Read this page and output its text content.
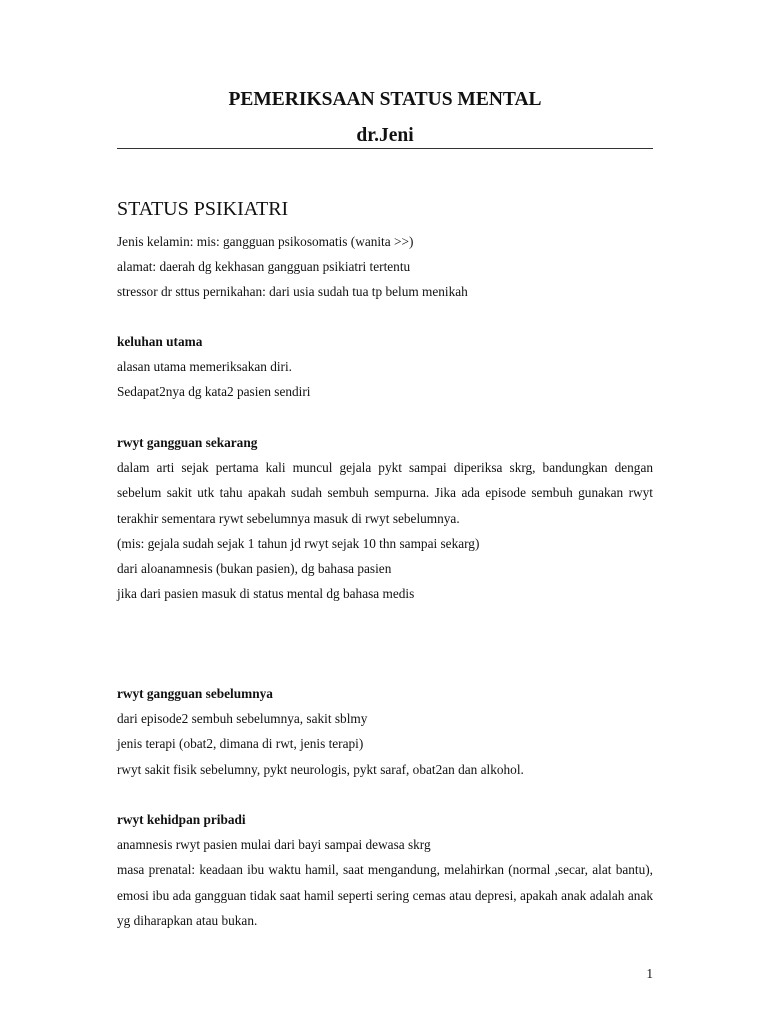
PEMERIKSAAN STATUS MENTAL
dr.Jeni
STATUS PSIKIATRI

Jenis kelamin: mis: gangguan psikosomatis (wanita >>)

alamat: daerah dg kekhasan gangguan psikiatri tertentu

stressor dr sttus pernikahan: dari usia sudah tua tp belum menikah

keluhan utama

alasan utama memeriksakan diri.

Sedapat2nya dg kata2 pasien sendiri

rwyt gangguan sekarang

dalam arti sejak pertama kali muncul gejala pykt sampai diperiksa skrg, bandungkan dengan sebelum sakit utk tahu apakah sudah sembuh sempurna. Jika ada episode sembuh gunakan rwyt terakhir sementara rywt sebelumnya masuk di rwyt sebelumnya.

(mis: gejala sudah sejak 1 tahun jd rwyt sejak 10 thn sampai sekarg)

dari aloanamnesis (bukan pasien), dg bahasa pasien

jika dari pasien masuk di status mental dg bahasa medis

rwyt gangguan sebelumnya

dari episode2 sembuh sebelumnya, sakit sblmy

jenis terapi (obat2, dimana di rwt, jenis terapi)

rwyt sakit fisik sebelumny, pykt neurologis, pykt saraf, obat2an dan alkohol.

rwyt kehidpan pribadi

anamnesis rwyt pasien mulai dari bayi sampai dewasa skrg

masa prenatal: keadaan ibu waktu hamil, saat mengandung, melahirkan (normal ,secar, alat bantu), emosi ibu ada gangguan tidak saat hamil seperti sering cemas atau depresi, apakah anak adalah anak yg diharapkan atau bukan.

1
